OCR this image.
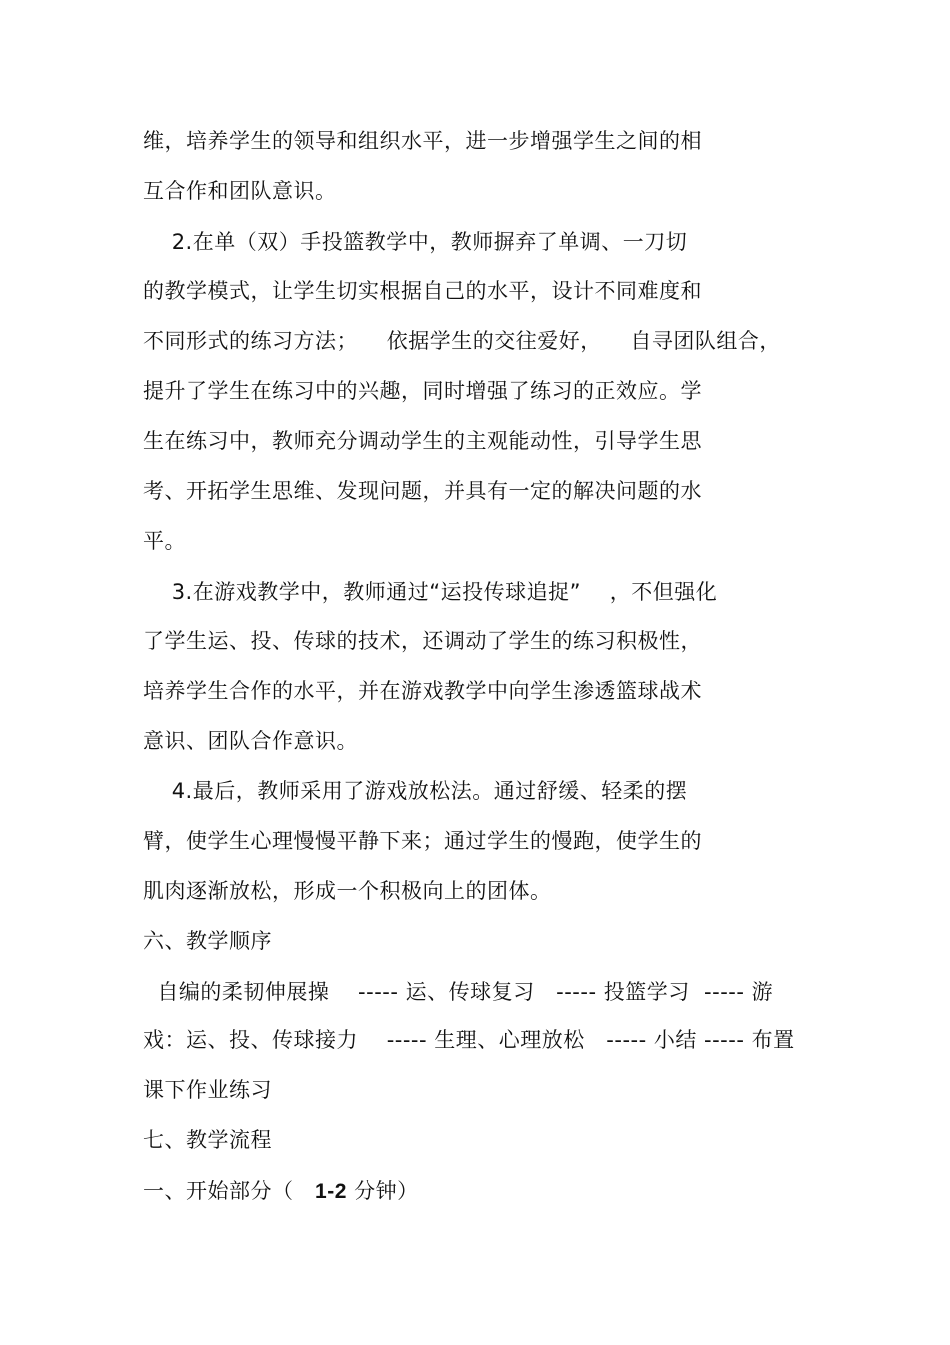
维，培养学生的领导和组织水平，进一步增强学生之间的相
互合作和团队意识。
2.在单（双）手投篮教学中，教师摒弃了单调、一刀切
的教学模式，让学生切实根据自己的水平，设计不同难度和
不同形式的练习方法；    依据学生的交往爱好，    自寻团队组合，
提升了学生在练习中的兴趣，同时增强了练习的正效应。学
生在练习中，教师充分调动学生的主观能动性，引导学生思
考、开拓学生思维、发现问题，并具有一定的解决问题的水
平。
3.在游戏教学中，教师通过“运投传球追捉”    ，不但强化
了学生运、投、传球的技术，还调动了学生的练习积极性，
培养学生合作的水平，并在游戏教学中向学生渗透篮球战术
意识、团队合作意识。
4.最后，教师采用了游戏放松法。通过舒缓、轻柔的摆
臂，使学生心理慢慢平静下来；通过学生的慢跑，使学生的
肌肉逐渐放松，形成一个积极向上的团体。
六、教学顺序
自编的柔韧伸展操    ----- 运、传球复习   ----- 投篮学习  ----- 游
戏：运、投、传球接力    ----- 生理、心理放松   ----- 小结 ----- 布置
课下作业练习
七、教学流程
一、开始部分（   1-2 分钟）
